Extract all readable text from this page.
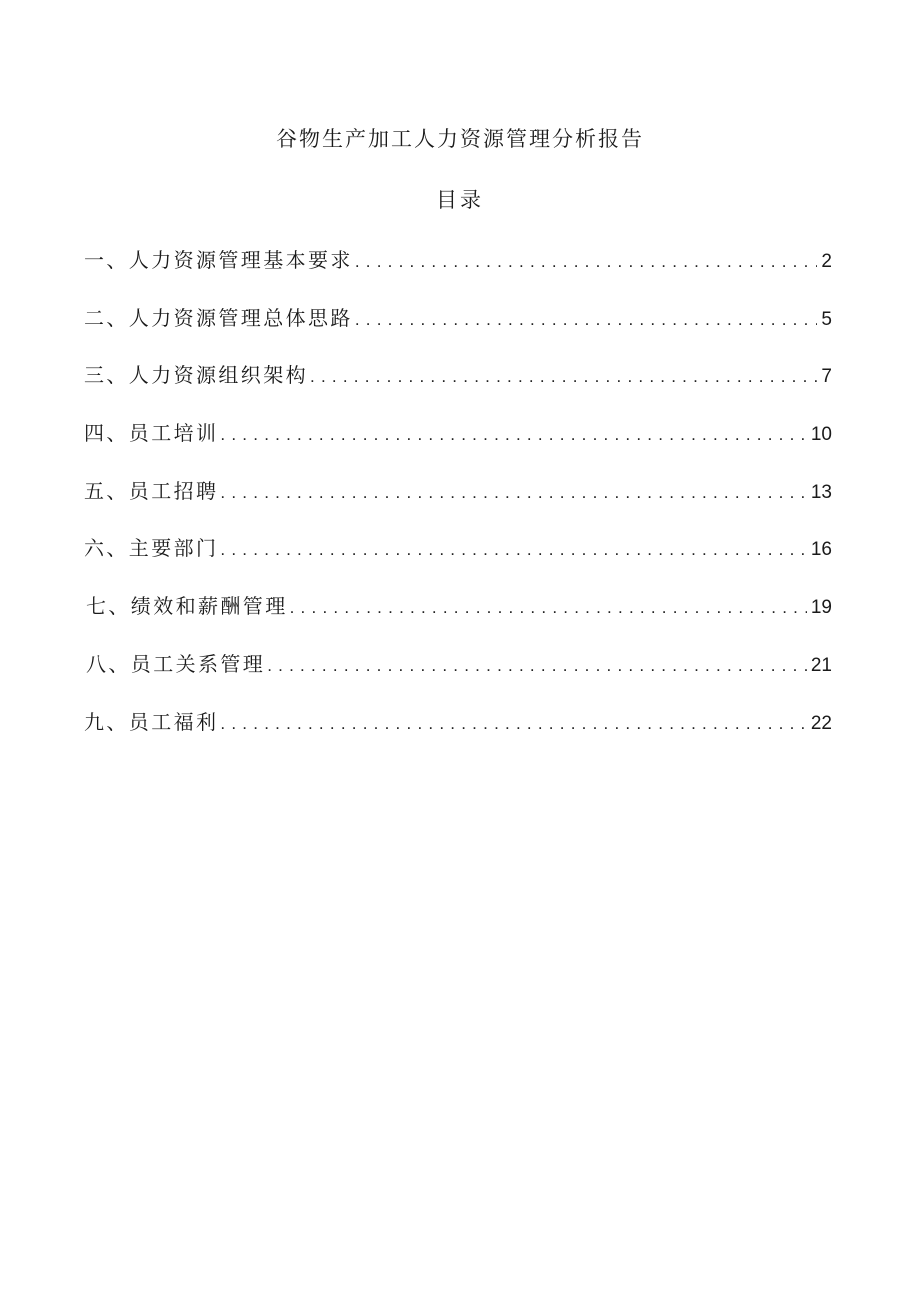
谷物生产加工人力资源管理分析报告
目录
一、人力资源管理基本要求 . . .	2
二、人力资源管理总体思路 . . .	5
三、人力资源组织架构 . . .	7
四、员工培训 . . .	10
五、员工招聘 . . .	13
六、主要部门 . . .	16
七、绩效和薪酬管理 . . .	19
八、员工关系管理 . . .	21
九、员工福利 . . .	22
